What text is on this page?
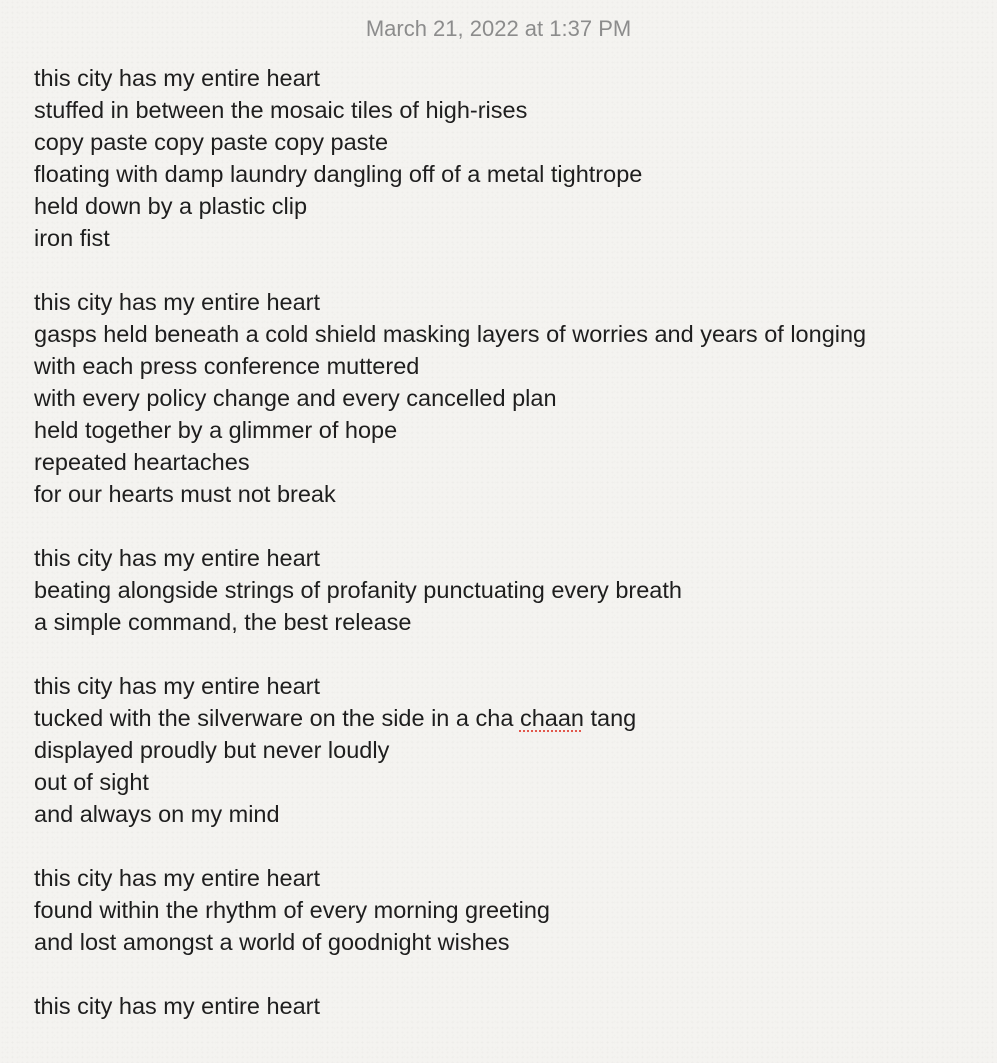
March 21, 2022 at 1:37 PM
this city has my entire heart
stuffed in between the mosaic tiles of high-rises
copy paste copy paste copy paste
floating with damp laundry dangling off of a metal tightrope
held down by a plastic clip
iron fist
this city has my entire heart
gasps held beneath a cold shield masking layers of worries and years of longing
with each press conference muttered
with every policy change and every cancelled plan
held together by a glimmer of hope
repeated heartaches
for our hearts must not break
this city has my entire heart
beating alongside strings of profanity punctuating every breath
a simple command, the best release
this city has my entire heart
tucked with the silverware on the side in a cha chaan tang
displayed proudly but never loudly
out of sight
and always on my mind
this city has my entire heart
found within the rhythm of every morning greeting
and lost amongst a world of goodnight wishes
this city has my entire heart
